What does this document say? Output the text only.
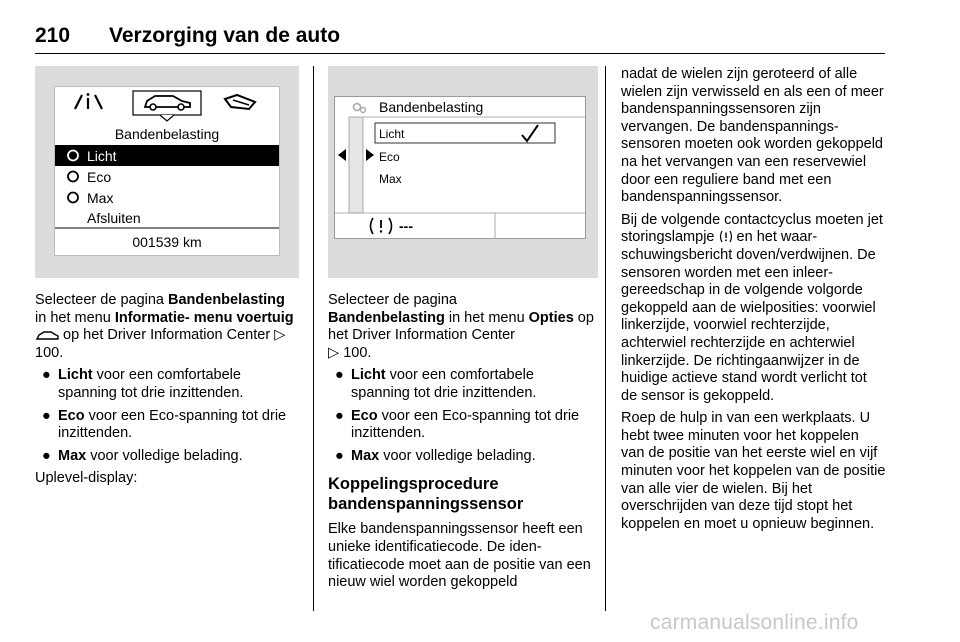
210 Verzorging van de auto
Bandenbelasting
Licht
Eco
Max
Afsluiten
001539 km
Bandenbelasting
Licht
Eco
Max
---

Selecteer de pagina Bandenbelasting in het menu Informatie- menu voertuig  op het Driver Information Center ▷ 100.

● Licht voor een comfortabele spanning tot drie inzittenden.
● Eco voor een Eco-spanning tot drie inzittenden.
● Max voor volledige belading.

Uplevel-display:

Selecteer de pagina
Bandenbelasting in het menu Opties op het Driver Information Center
▷ 100.

● Licht voor een comfortabele spanning tot drie inzittenden.
● Eco voor een Eco-spanning tot drie inzittenden.
● Max voor volledige belading.
Koppelingsprocedure bandenspanningssensor

Elke bandenspanningssensor heeft een unieke identificatiecode. De identificatiecode moet aan de positie van een nieuw wiel worden gekoppeld

nadat de wielen zijn geroteerd of alle wielen zijn verwisseld en als een of meer bandenspanningssensoren zijn vervangen. De bandenspanningssensoren moeten ook worden gekoppeld na het vervangen van een reservewiel door een reguliere band met een bandenspanningssensor.

Bij de volgende contactcyclus moeten jet storingslampje  en het waarschuwingsbericht doven/verdwijnen. De sensoren worden met een inleergereedschap in de volgende volgorde gekoppeld aan de wielposities: voorwiel linkerzijde, voorwiel rechterzijde, achterwiel rechterzijde en achterwiel linkerzijde. De richtingaanwijzer in de huidige actieve stand wordt verlicht tot de sensor is gekoppeld.

Roep de hulp in van een werkplaats. U hebt twee minuten voor het koppelen van de positie van het eerste wiel en vijf minuten voor het koppelen van de positie van alle vier de wielen. Bij het overschrijden van deze tijd stopt het koppelen en moet u opnieuw beginnen.

carmanualsonline.info
